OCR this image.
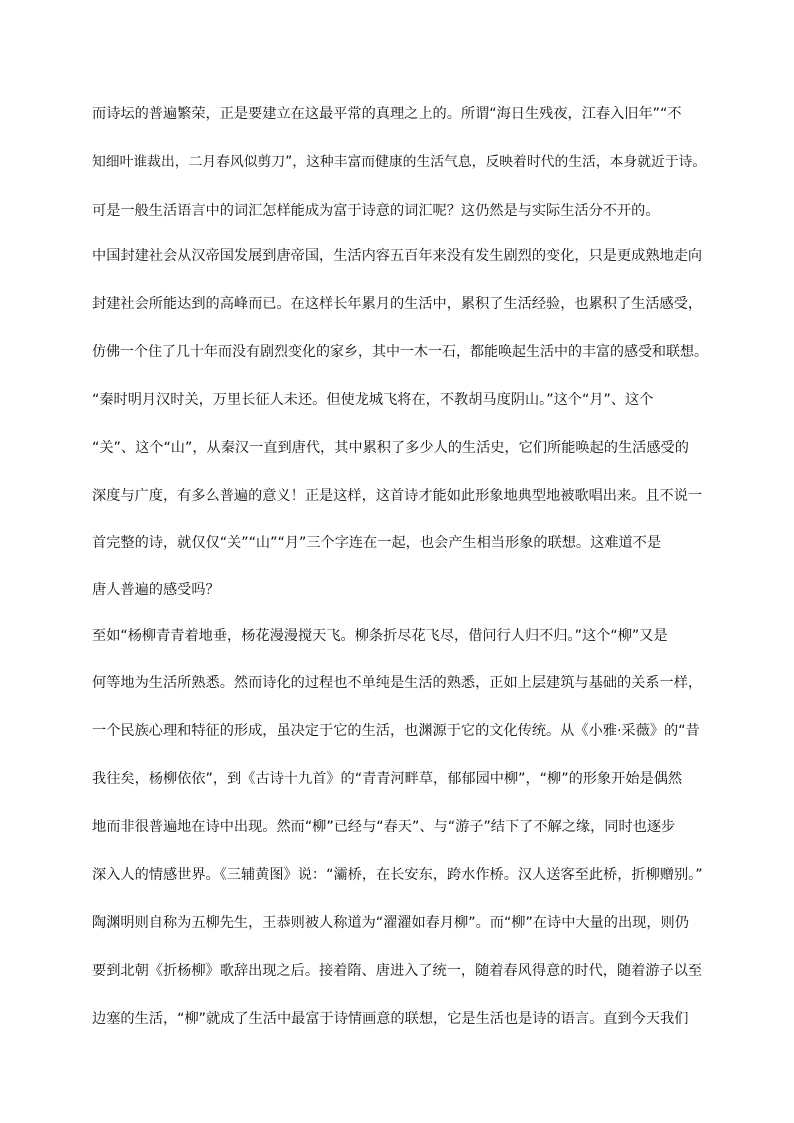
而诗坛的普遍繁荣，正是要建立在这最平常的真理之上的。所谓“海日生残夜，江春入旧年”“不
知细叶谁裁出，二月春风似剪刀”，这种丰富而健康的生活气息，反映着时代的生活，本身就近于诗。
可是一般生活语言中的词汇怎样能成为富于诗意的词汇呢？这仍然是与实际生活分不开的。
中国封建社会从汉帝国发展到唐帝国，生活内容五百年来没有发生剧烈的变化，只是更成熟地走向
封建社会所能达到的高峰而已。在这样长年累月的生活中，累积了生活经验，也累积了生活感受，
仿佛一个住了几十年而没有剧烈变化的家乡，其中一木一石，都能唤起生活中的丰富的感受和联想。
“秦时明月汉时关，万里长征人未还。但使龙城飞将在，不教胡马度阴山。”这个“月”、这个
“关”、这个“山”，从秦汉一直到唐代，其中累积了多少人的生活史，它们所能唤起的生活感受的
深度与广度，有多么普遍的意义！正是这样，这首诗才能如此形象地典型地被歌唱出来。且不说一
首完整的诗，就仅仅“关”“山”“月”三个字连在一起，也会产生相当形象的联想。这难道不是
唐人普遍的感受吗？
至如“杨柳青青着地垂，杨花漫漫搅天飞。柳条折尽花飞尽，借问行人归不归。”这个“柳”又是
何等地为生活所熟悉。然而诗化的过程也不单纯是生活的熟悉，正如上层建筑与基础的关系一样，
一个民族心理和特征的形成，虽决定于它的生活，也渊源于它的文化传统。从《小雅·采薇》的“昔
我往矣，杨柳依依”，到《古诗十九首》的“青青河畔草，郁郁园中柳”，“柳”的形象开始是偶然
地而非很普遍地在诗中出现。然而“柳”已经与“春天”、与“游子”结下了不解之缘，同时也逐步
深入人的情感世界。《三辅黄图》说：“灞桥，在长安东，跨水作桥。汉人送客至此桥，折柳赠别。”
陶渊明则自称为五柳先生，王恭则被人称道为“濯濯如春月柳”。而“柳”在诗中大量的出现，则仍
要到北朝《折杨柳》歌辞出现之后。接着隋、唐进入了统一，随着春风得意的时代，随着游子以至
边塞的生活，“柳”就成了生活中最富于诗情画意的联想，它是生活也是诗的语言。直到今天我们
